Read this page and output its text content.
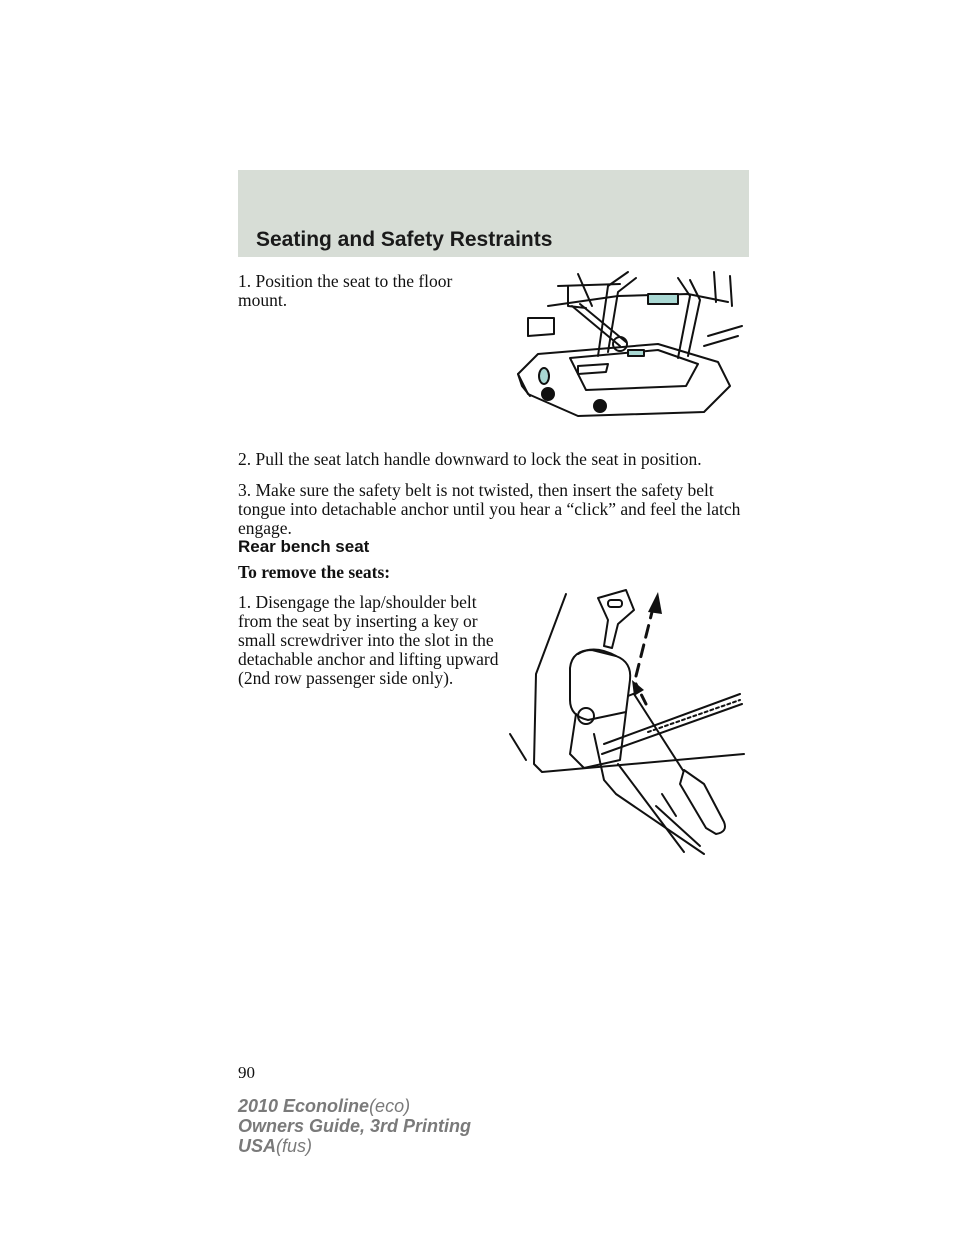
Seating and Safety Restraints
1. Position the seat to the floor mount.
2. Pull the seat latch handle downward to lock the seat in position.
3. Make sure the safety belt is not twisted, then insert the safety belt tongue into detachable anchor until you hear a “click” and feel the latch engage.
Rear bench seat
To remove the seats:
1. Disengage the lap/shoulder belt from the seat by inserting a key or small screwdriver into the slot in the detachable anchor and lifting upward (2nd row passenger side only).
90
2010 Econoline(eco)
Owners Guide, 3rd Printing
USA(fus)
